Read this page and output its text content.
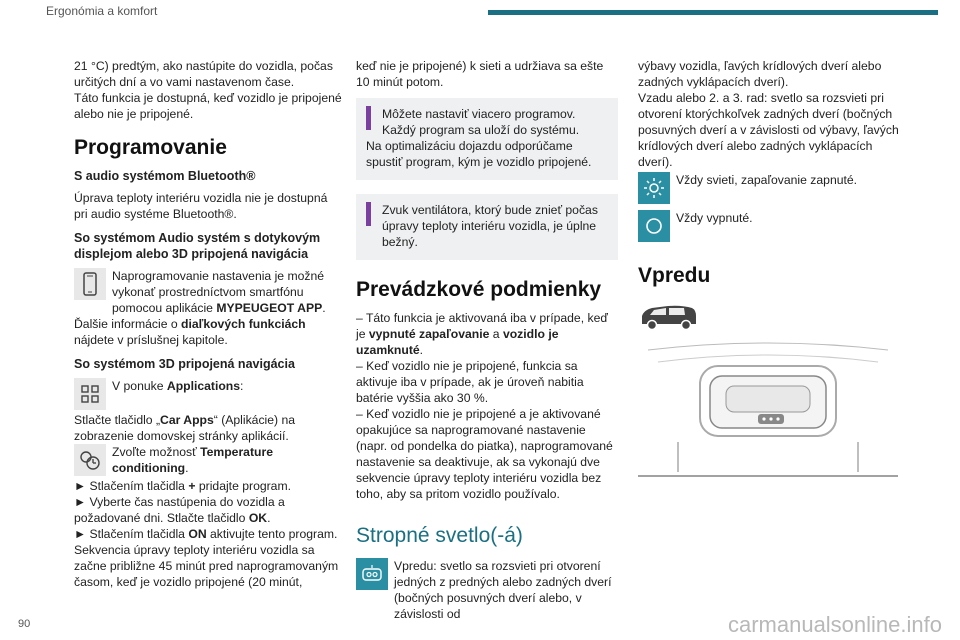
Ergonómia a komfort

21 °C) predtým, ako nastúpite do vozidla, počas určitých dní a vo vami nastavenom čase.

Táto funkcia je dostupná, keď vozidlo je pripojené alebo nie je pripojené.

Programovanie
S audio systémom Bluetooth®

Úprava teploty interiéru vozidla nie je dostupná pri audio systéme Bluetooth®.

So systémom Audio systém s dotykovým displejom alebo 3D pripojená navigácia
Naprogramovanie nastavenia je možné vykonať prostredníctvom smartfónu pomocou aplikácie MYPEUGEOT APP.

Ďalšie informácie o diaľkových funkciách nájdete v príslušnej kapitole.

So systémom 3D pripojená navigácia
V ponuke Applications:

Stlačte tlačidlo „Car Apps“ (Aplikácie) na zobrazenie domovskej stránky aplikácií.

Zvoľte možnosť Temperature conditioning.

► Stlačením tlačidla + pridajte program.

► Vyberte čas nastúpenia do vozidla a požadované dni. Stlačte tlačidlo OK.

► Stlačením tlačidla ON aktivujte tento program.

Sekvencia úpravy teploty interiéru vozidla sa začne približne 45 minút pred naprogramovaným časom, keď je vozidlo pripojené (20 minút,

keď nie je pripojené) k sieti a udržiava sa ešte 10 minút potom.

Môžete nastaviť viacero programov. Každý program sa uloží do systému.

Na optimalizáciu dojazdu odporúčame spustiť program, kým je vozidlo pripojené.

Zvuk ventilátora, ktorý bude znieť počas úpravy teploty interiéru vozidla, je úplne bežný.

Prevádzkové podmienky

– Táto funkcia je aktivovaná iba v prípade, keď je vypnuté zapaľovanie a vozidlo je uzamknuté.

– Keď vozidlo nie je pripojené, funkcia sa aktivuje iba v prípade, ak je úroveň nabitia batérie vyššia ako 30 %.

– Keď vozidlo nie je pripojené a je aktivované opakujúce sa naprogramované nastavenie (napr. od pondelka do piatka), naprogramované nastavenie sa deaktivuje, ak sa vykonajú dve sekvencie úpravy teploty interiéru vozidla bez toho, aby sa pritom vozidlo používalo.

Stropné svetlo(-á)
Vpredu: svetlo sa rozsvieti pri otvorení jedných z predných alebo zadných dverí (bočných posuvných dverí alebo, v závislosti od

výbavy vozidla, ľavých krídlových dverí alebo zadných vyklápacích dverí).

Vzadu alebo 2. a 3. rad: svetlo sa rozsvieti pri otvorení ktorýchkoľvek zadných dverí (bočných posuvných dverí a v závislosti od výbavy, ľavých krídlových dverí alebo zadných vyklápacích dverí).

Vždy svieti, zapaľovanie zapnuté.
Vždy vypnuté.
Vpredu
90	carmanualsonline.info
